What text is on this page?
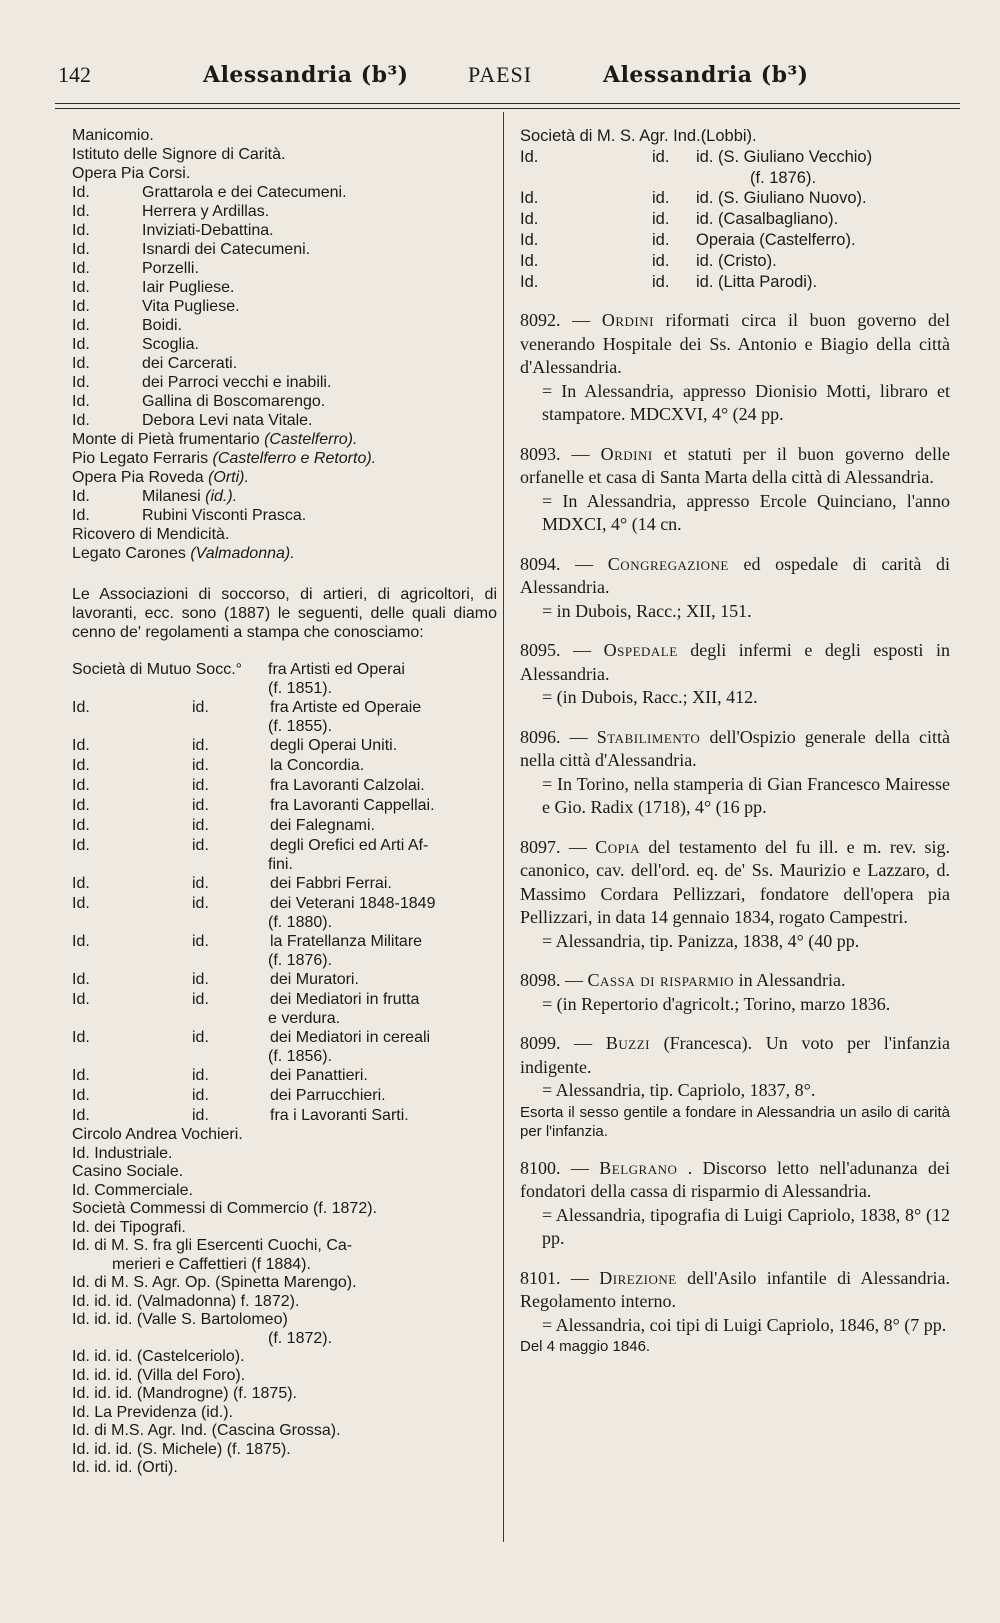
142	Alessandria (b³)	PAESI	Alessandria (b³)
Manicomio.
Istituto delle Signore di Carità.
Opera Pia Corsi.
Id.	Grattarola e dei Catecumeni.
Id.	Herrera y Ardillas.
Id.	Inviziati-Debattina.
Id.	Isnardi dei Catecumeni.
Id.	Porzelli.
Id.	Iair Pugliese.
Id.	Vita Pugliese.
Id.	Boidi.
Id.	Scoglia.
Id.	dei Carcerati.
Id.	dei Parroci vecchi e inabili.
Id.	Gallina di Boscomarengo.
Id.	Debora Levi nata Vitale.
Monte di Pietà frumentario (Castelferro).
Pio Legato Ferraris (Castelferro e Retorto).
Opera Pia Roveda (Orti).
Id.	Milanesi (id.).
Id.	Rubini Visconti Prasca.
Ricovero di Mendicità.
Legato Carones (Valmadonna).

Le Associazioni di soccorso, di artieri, di agricoltori, di lavoranti, ecc. sono (1887) le seguenti, delle quali diamo cenno de' regolamenti a stampa che conosciamo:

Società di Mutuo Socc.°	fra Artisti ed Operai
(f. 1851).
Id.	id.	fra Artiste ed Operaie
(f. 1855).
Id.	id.	degli Operai Uniti.
Id.	id.	la Concordia.
Id.	id.	fra Lavoranti Calzolai.
Id.	id.	fra Lavoranti Cappellai.
Id.	id.	dei Falegnami.
Id.	id.	degli Orefici ed Arti Af-
fini.
Id.	id.	dei Fabbri Ferrai.
Id.	id.	dei Veterani 1848-1849
(f. 1880).
Id.	id.	la Fratellanza Militare
(f. 1876).
Id.	id.	dei Muratori.
Id.	id.	dei Mediatori in frutta
e verdura.
Id.	id.	dei Mediatori in cereali
(f. 1856).
Id.	id.	dei Panattieri.
Id.	id.	dei Parrucchieri.
Id.	id.	fra i Lavoranti Sarti.
Circolo Andrea Vochieri.
Id. Industriale.
Casino Sociale.
Id. Commerciale.
Società Commessi di Commercio (f. 1872).
Id. dei Tipografi.
Id. di M. S. fra gli Esercenti Cuochi, Ca-
merieri e Caffettieri (f 1884).
Id. di M. S. Agr. Op. (Spinetta Marengo).
Id. id. id. (Valmadonna) f. 1872).
Id. id. id. (Valle S. Bartolomeo)
(f. 1872).
Id. id. id. (Castelceriolo).
Id. id. id. (Villa del Foro).
Id. id. id. (Mandrogne) (f. 1875).
Id. La Previdenza (id.).
Id. di M.S. Agr. Ind. (Cascina Grossa).
Id. id. id. (S. Michele) (f. 1875).
Id. id. id. (Orti).
Società di M. S. Agr. Ind. (Lobbi).
Id.	id.	id. (S. Giuliano Vecchio)
(f. 1876).
Id.	id.	id. (S. Giuliano Nuovo).
Id.	id.	id. (Casalbagliano).
Id.	id.	Operaia (Castelferro).
Id.	id.	id. (Cristo).
Id.	id.	id. (Litta Parodi).

8092. — Ordini riformati circa il buon governo del venerando Hospitale dei Ss. Antonio e Biagio della città d'Alessandria.

= In Alessandria, appresso Dionisio Motti, libraro et stampatore. MDCXVI, 4° (24 pp.

8093. — Ordini et statuti per il buon governo delle orfanelle et casa di Santa Marta della città di Alessandria.

= In Alessandria, appresso Ercole Quinciano, l'anno MDXCI, 4° (14 cn.

8094. — Congregazione ed ospedale di carità di Alessandria.

= in Dubois, Racc.; XII, 151.

8095. — Ospedale degli infermi e degli esposti in Alessandria.

= (in Dubois, Racc.; XII, 412.

8096. — Stabilimento dell'Ospizio generale della città nella città d'Alessandria.

= In Torino, nella stamperia di Gian Francesco Mairesse e Gio. Radix (1718), 4° (16 pp.

8097. — Copia del testamento del fu ill. e m. rev. sig. canonico, cav. dell'ord. eq. de' Ss. Maurizio e Lazzaro, d. Massimo Cordara Pellizzari, fondatore dell'opera pia Pellizzari, in data 14 gennaio 1834, rogato Campestri.

= Alessandria, tip. Panizza, 1838, 4° (40 pp.

8098. — Cassa di risparmio in Alessandria.

= (in Repertorio d'agricolt.; Torino, marzo 1836.

8099. — Buzzi (Francesca). Un voto per l'infanzia indigente.

= Alessandria, tip. Capriolo, 1837, 8°.

Esorta il sesso gentile a fondare in Alessandria un asilo di carità per l'infanzia.

8100. — Belgrano . Discorso letto nell'adunanza dei fondatori della cassa di risparmio di Alessandria.

= Alessandria, tipografia di Luigi Capriolo, 1838, 8° (12 pp.

8101. — Direzione dell'Asilo infantile di Alessandria. Regolamento interno.

= Alessandria, coi tipi di Luigi Capriolo, 1846, 8° (7 pp.

Del 4 maggio 1846.
